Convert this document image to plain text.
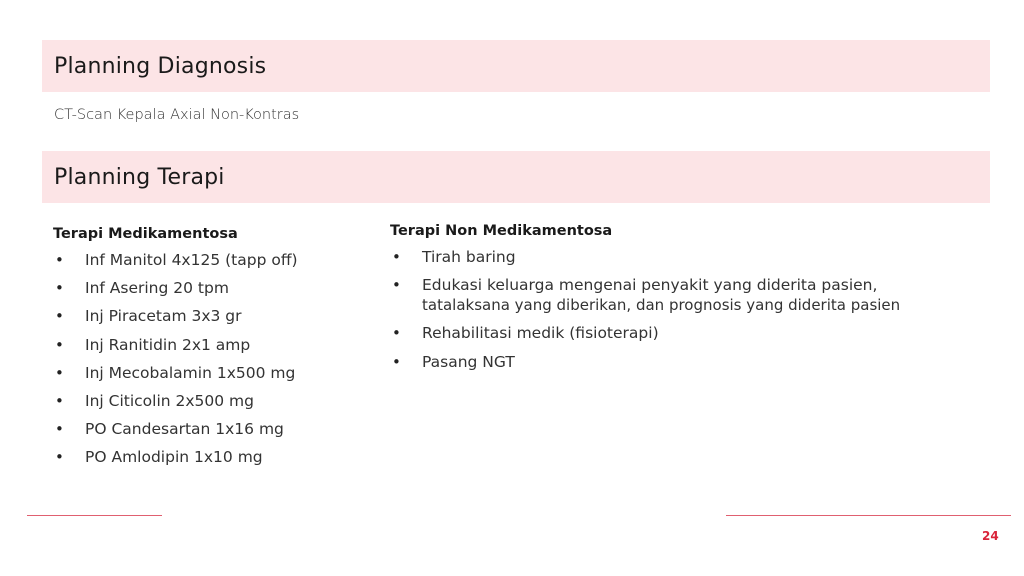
Planning Diagnosis
CT-Scan Kepala Axial Non-Kontras
Planning Terapi
Terapi Medikamentosa
• Inf Manitol 4x125 (tapp off)
• Inf Asering 20 tpm
• Inj Piracetam 3x3 gr
• Inj Ranitidin 2x1 amp
• Inj Mecobalamin 1x500 mg
• Inj Citicolin 2x500 mg
• PO Candesartan 1x16 mg
• PO Amlodipin 1x10 mg
Terapi Non Medikamentosa
• Tirah baring
• Edukasi keluarga mengenai penyakit yang diderita pasien,
tatalaksana yang diberikan, dan prognosis yang diderita pasien
• Rehabilitasi medik (fisioterapi)
• Pasang NGT
24
